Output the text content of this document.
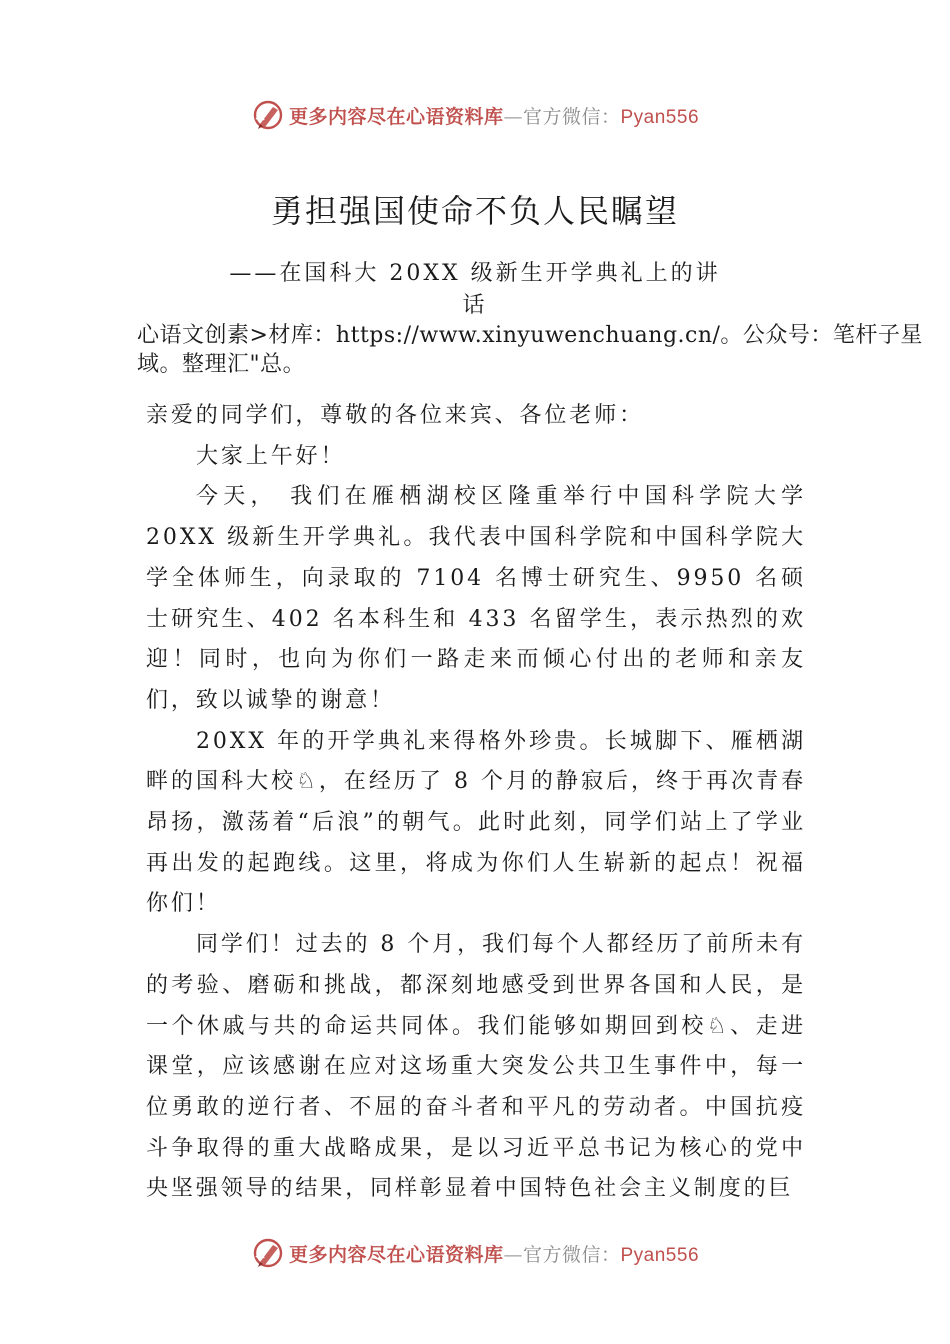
更多内容尽在心语资料库—官方微信：Pyan556
勇担强国使命不负人民瞩望
——在国科大 20XX 级新生开学典礼上的讲
话
心语文创素>材库：https://www.xinyuwenchuang.cn/。公众号：笔杆子星域。整理汇"总。

亲爱的同学们，尊敬的各位来宾、各位老师：

大家上午好！

今天， 我们在雁栖湖校区隆重举行中国科学院大学 20XX 级新生开学典礼。我代表中国科学院和中国科学院大学全体师生，向录取的 7104 名博士研究生、9950 名硕士研究生、402 名本科生和 433 名留学生，表示热烈的欢迎！同时，也向为你们一路走来而倾心付出的老师和亲友们，致以诚挚的谢意！

20XX 年的开学典礼来得格外珍贵。长城脚下、雁栖湖畔的国科大校♘，在经历了 8 个月的静寂后，终于再次青春昂扬，激荡着“后浪”的朝气。此时此刻，同学们站上了学业再出发的起跑线。这里，将成为你们人生崭新的起点！祝福你们！

同学们！过去的 8 个月，我们每个人都经历了前所未有的考验、磨砺和挑战，都深刻地感受到世界各国和人民，是一个休戚与共的命运共同体。我们能够如期回到校♘、走进课堂，应该感谢在应对这场重大突发公共卫生事件中，每一位勇敢的逆行者、不屈的奋斗者和平凡的劳动者。中国抗疫斗争取得的重大战略成果，是以习近平总书记为核心的党中央坚强领导的结果，同样彰显着中国特色社会主义制度的巨

更多内容尽在心语资料库—官方微信：Pyan556
